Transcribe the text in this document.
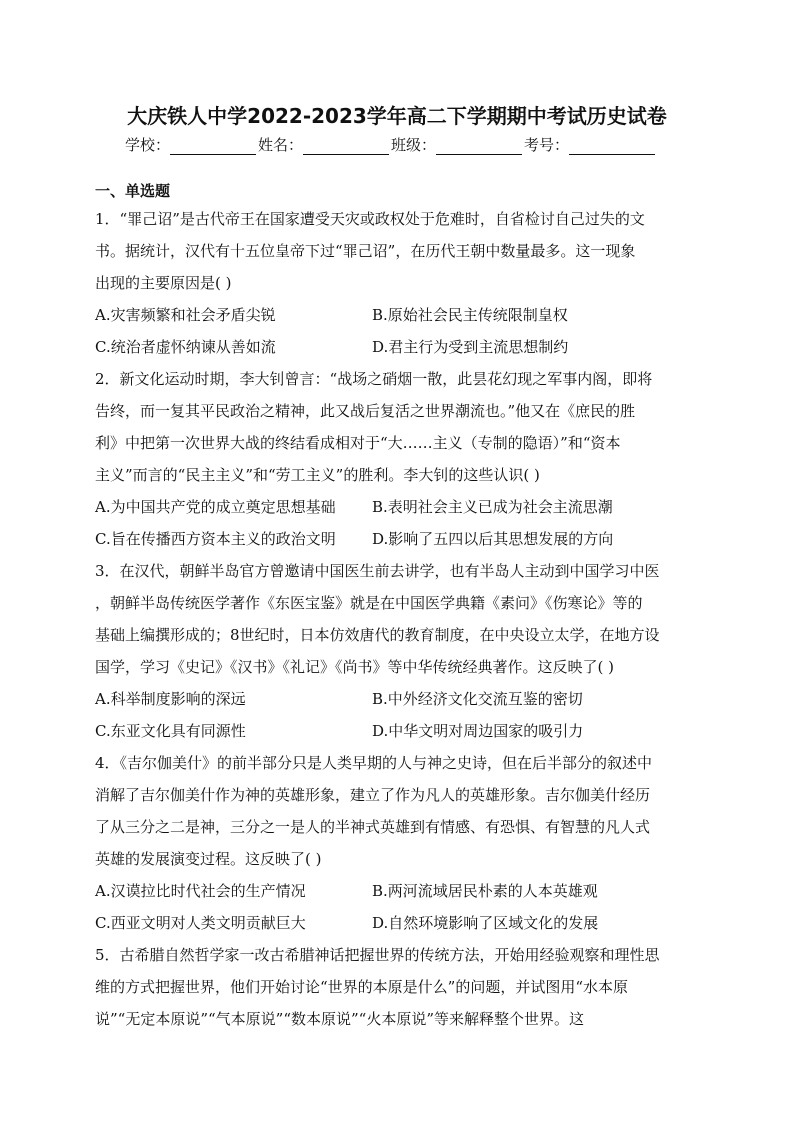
大庆铁人中学2022-2023学年高二下学期期中考试历史试卷
学校：	姓名：	班级：	考号：
一、单选题
1．“罪己诏”是古代帝王在国家遭受天灾或政权处于危难时，自省检讨自己过失的文
书。据统计，汉代有十五位皇帝下过“罪己诏”，在历代王朝中数量最多。这一现象
出现的主要原因是( )
A.灾害频繁和社会矛盾尖锐	B.原始社会民主传统限制皇权
C.统治者虚怀纳谏从善如流	D.君主行为受到主流思想制约
2．新文化运动时期，李大钊曾言：“战场之硝烟一散，此昙花幻现之军事内阁，即将
告终，而一复其平民政治之精神，此又战后复活之世界潮流也。”他又在《庶民的胜
利》中把第一次世界大战的终结看成相对于“大……主义（专制的隐语）”和“资本
主义”而言的“民主主义”和“劳工主义”的胜利。李大钊的这些认识( )
A.为中国共产党的成立奠定思想基础	B.表明社会主义已成为社会主流思潮
C.旨在传播西方资本主义的政治文明	D.影响了五四以后其思想发展的方向
3．在汉代，朝鲜半岛官方曾邀请中国医生前去讲学，也有半岛人主动到中国学习中医
，朝鲜半岛传统医学著作《东医宝鉴》就是在中国医学典籍《素问》《伤寒论》等的
基础上编撰形成的；8世纪时，日本仿效唐代的教育制度，在中央设立太学，在地方设
国学，学习《史记》《汉书》《礼记》《尚书》等中华传统经典著作。这反映了( )
A.科举制度影响的深远	B.中外经济文化交流互鉴的密切
C.东亚文化具有同源性	D.中华文明对周边国家的吸引力
4．《吉尔伽美什》的前半部分只是人类早期的人与神之史诗，但在后半部分的叙述中
消解了吉尔伽美什作为神的英雄形象，建立了作为凡人的英雄形象。吉尔伽美什经历
了从三分之二是神，三分之一是人的半神式英雄到有情感、有恐惧、有智慧的凡人式
英雄的发展演变过程。这反映了( )
A.汉谟拉比时代社会的生产情况	B.两河流域居民朴素的人本英雄观
C.西亚文明对人类文明贡献巨大	D.自然环境影响了区域文化的发展
5．古希腊自然哲学家一改古希腊神话把握世界的传统方法，开始用经验观察和理性思
维的方式把握世界，他们开始讨论“世界的本原是什么”的问题，并试图用“水本原
说”“无定本原说”“气本原说”“数本原说”“火本原说”等来解释整个世界。这
